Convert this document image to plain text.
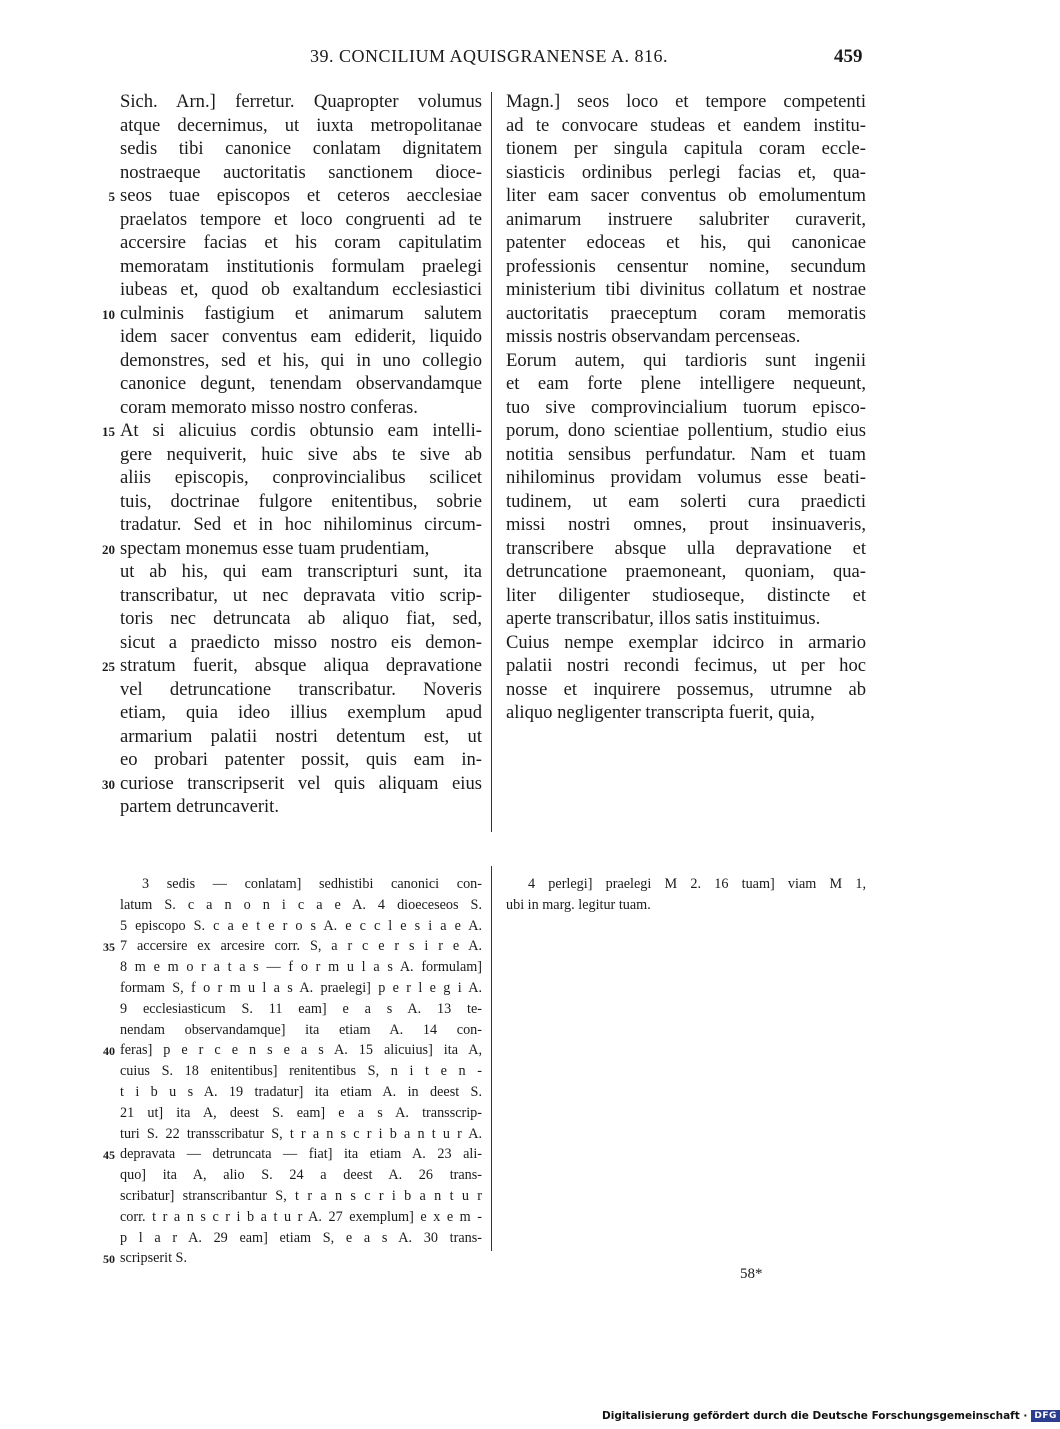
39. CONCILIUM AQUISGRANENSE A. 816.	459
5
10
15
20
25
30
Sich. Arn.] ferretur. Quapropter volumus
atque decernimus, ut iuxta metropolitanae
sedis tibi canonice conlatam dignitatem
nostraeque auctoritatis sanctionem dioce-
seos tuae episcopos et ceteros aecclesiae
praelatos tempore et loco congruenti ad te
accersire facias et his coram capitulatim
memoratam institutionis formulam praelegi
iubeas et, quod ob exaltandum ecclesiastici
culminis fastigium et animarum salutem
idem sacer conventus eam ediderit, liquido
demonstres, sed et his, qui in uno collegio
canonice degunt, tenendam observandamque
coram memorato misso nostro conferas.
At si alicuius cordis obtunsio eam intelli-
gere nequiverit, huic sive abs te sive ab
aliis episcopis, conprovincialibus scilicet
tuis, doctrinae fulgore enitentibus, sobrie
tradatur. Sed et in hoc nihilominus circum-
spectam monemus esse tuam prudentiam,
ut ab his, qui eam transcripturi sunt, ita
transcribatur, ut nec depravata vitio scrip-
toris nec detruncata ab aliquo fiat, sed,
sicut a praedicto misso nostro eis demon-
stratum fuerit, absque aliqua depravatione
vel detruncatione transcribatur. Noveris
etiam, quia ideo illius exemplum apud
armarium palatii nostri detentum est, ut
eo probari patenter possit, quis eam in-
curiose transcripserit vel quis aliquam eius
partem detruncaverit.
Magn.] seos loco et tempore competenti
ad te convocare studeas et eandem institu-
tionem per singula capitula coram eccle-
siasticis ordinibus perlegi facias et, qua-
liter eam sacer conventus ob emolumentum
animarum instruere salubriter curaverit,
patenter edoceas et his, qui canonicae
professionis censentur nomine, secundum
ministerium tibi divinitus collatum et nostrae
auctoritatis praeceptum coram memoratis
missis nostris observandam percenseas.
Eorum autem, qui tardioris sunt ingenii
et eam forte plene intelligere nequeunt,
tuo sive comprovincialium tuorum episco-
porum, dono scientiae pollentium, studio eius
notitia sensibus perfundatur. Nam et tuam
nihilominus providam volumus esse beati-
tudinem, ut eam solerti cura praedicti
missi nostri omnes, prout insinuaveris,
transcribere absque ulla depravatione et
detruncatione praemoneant, quoniam, qua-
liter diligenter studioseque, distincte et
aperte transcribatur, illos satis instituimus.
Cuius nempe exemplar idcirco in armario
palatii nostri recondi fecimus, ut per hoc
nosse et inquirere possemus, utrumne ab
aliquo negligenter transcripta fuerit, quia,
35
40
45
50
3 sedis — conlatam] sedhistibi canonici con-
latum S. c a n o n i c a e A. 4 dioeceseos S.
5 episcopo S. c a e t e r o s A. e c c l e s i a e A.
7 accersire ex arcesire corr. S, a r c e r s i r e A.
8 m e m o r a t a s — f o r m u l a s A. formulam]
formam S, f o r m u l a s A. praelegi] p e r l e g i A.
9 ecclesiasticum S. 11 eam] e a s A. 13 te-
nendam observandamque] ita etiam A. 14 con-
feras] p e r c e n s e a s A. 15 alicuius] ita A,
cuius S. 18 enitentibus] renitentibus S, n i t e n -
t i b u s A. 19 tradatur] ita etiam A. in deest S.
21 ut] ita A, deest S. eam] e a s A. transscrip-
turi S. 22 transscribatur S, t r a n s c r i b a n t u r A.
depravata — detruncata — fiat] ita etiam A. 23 ali-
quo] ita A, alio S. 24 a deest A. 26 trans-
scribatur] stranscribantur S, t r a n s c r i b a n t u r
corr. t r a n s c r i b a t u r A. 27 exemplum] e x e m -
p l a r A. 29 eam] etiam S, e a s A. 30 trans-
scripserit S.
4 perlegi] praelegi M 2. 16 tuam] viam M 1,
ubi in marg. legitur tuam.
58*
Digitalisierung gefördert durch die Deutsche Forschungsgemeinschaft · DFG
